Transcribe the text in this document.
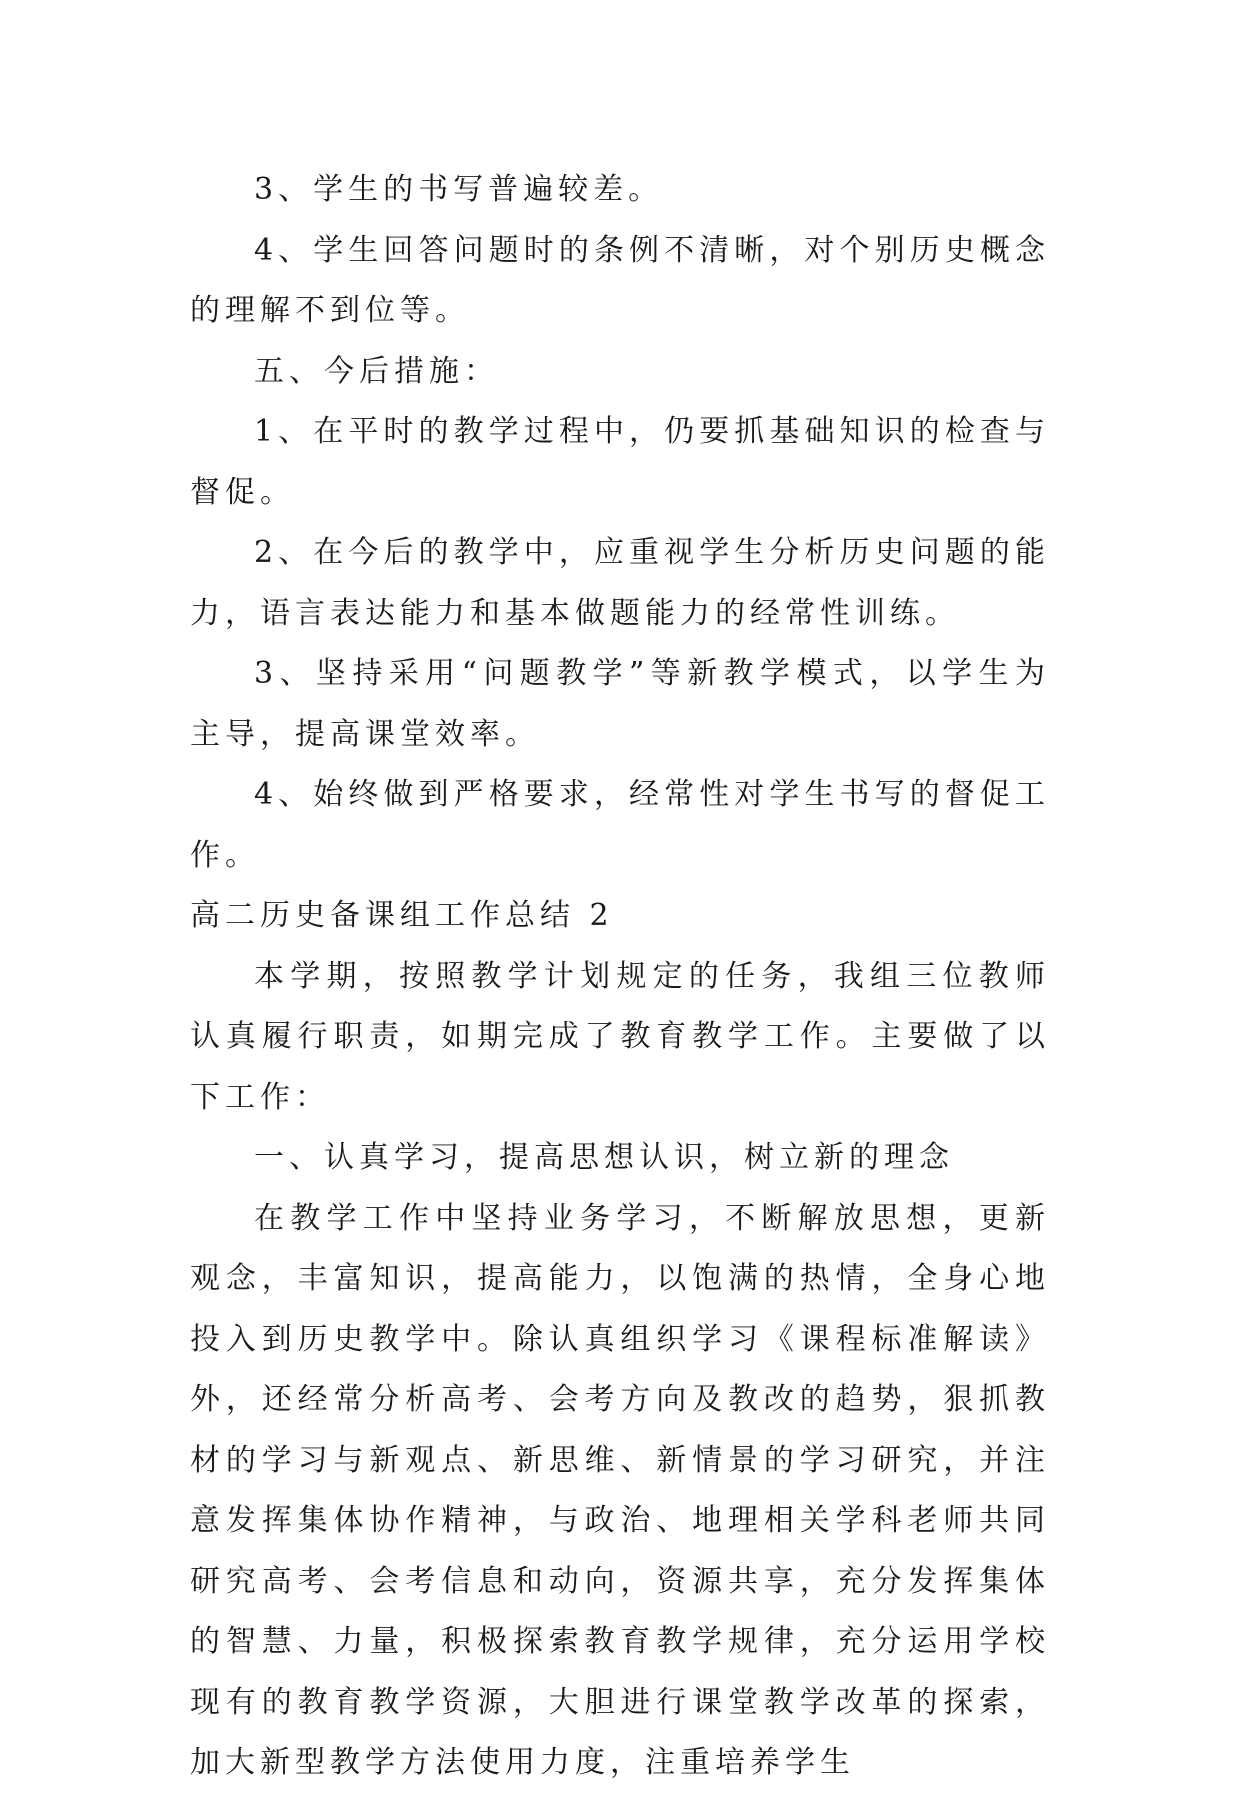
3、学生的书写普遍较差。

4、学生回答问题时的条例不清晰，对个别历史概念的理解不到位等。

五、今后措施：

1、在平时的教学过程中，仍要抓基础知识的检查与督促。

2、在今后的教学中，应重视学生分析历史问题的能力，语言表达能力和基本做题能力的经常性训练。

3、坚持采用“问题教学”等新教学模式，以学生为主导，提高课堂效率。

4、始终做到严格要求，经常性对学生书写的督促工作。

高二历史备课组工作总结 2

本学期，按照教学计划规定的任务，我组三位教师认真履行职责，如期完成了教育教学工作。主要做了以下工作：

一、认真学习，提高思想认识，树立新的理念

在教学工作中坚持业务学习，不断解放思想，更新观念，丰富知识，提高能力，以饱满的热情，全身心地投入到历史教学中。除认真组织学习《课程标准解读》外，还经常分析高考、会考方向及教改的趋势，狠抓教材的学习与新观点、新思维、新情景的学习研究，并注意发挥集体协作精神，与政治、地理相关学科老师共同研究高考、会考信息和动向，资源共享，充分发挥集体的智慧、力量，积极探索教育教学规律，充分运用学校现有的教育教学资源，大胆进行课堂教学改革的探索，加大新型教学方法使用力度，注重培养学生
